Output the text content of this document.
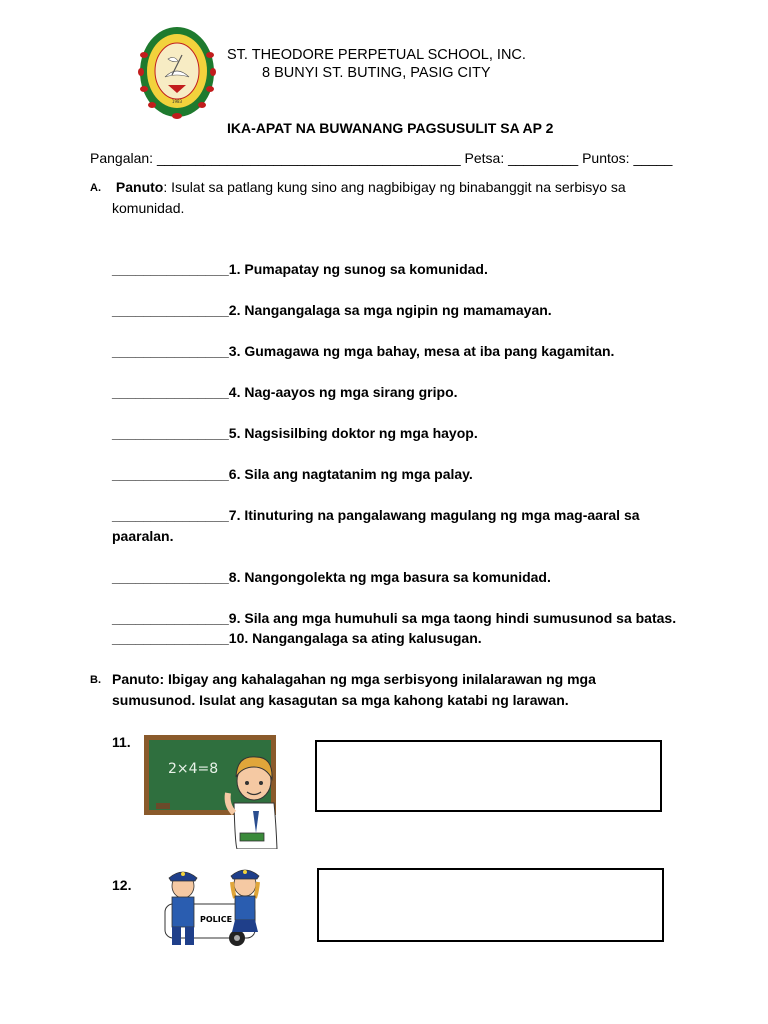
1983
ST. THEODORE PERPETUAL SCHOOL, INC.
8 BUNYI ST. BUTING, PASIG CITY
IKA-APAT NA BUWANANG PAGSUSULIT SA AP 2
Pangalan: _______________________________________ Petsa: _________ Puntos: _____
A. Panuto: Isulat sa patlang kung sino ang nagbibigay ng binabanggit na serbisyo sa
komunidad.
_______________1. Pumapatay ng sunog sa komunidad.
_______________2. Nangangalaga sa mga ngipin ng mamamayan.
_______________3. Gumagawa ng mga bahay, mesa at iba pang kagamitan.
_______________4. Nag-aayos ng mga sirang gripo.
_______________5. Nagsisilbing doktor ng mga hayop.
_______________6. Sila ang nagtatanim ng mga palay.
_______________7. Itinuturing na pangalawang magulang ng mga mag-aaral sa
paaralan.
_______________8. Nangongolekta ng mga basura sa komunidad.
_______________9. Sila ang mga humuhuli sa mga taong hindi sumusunod sa batas.
_______________10. Nangangalaga sa ating kalusugan.
B. Panuto: Ibigay ang kahalagahan ng mga serbisyong inilalarawan ng mga
sumusunod. Isulat ang kasagutan sa mga kahong katabi ng larawan.
11.
2×4=8
12.
POLICE
